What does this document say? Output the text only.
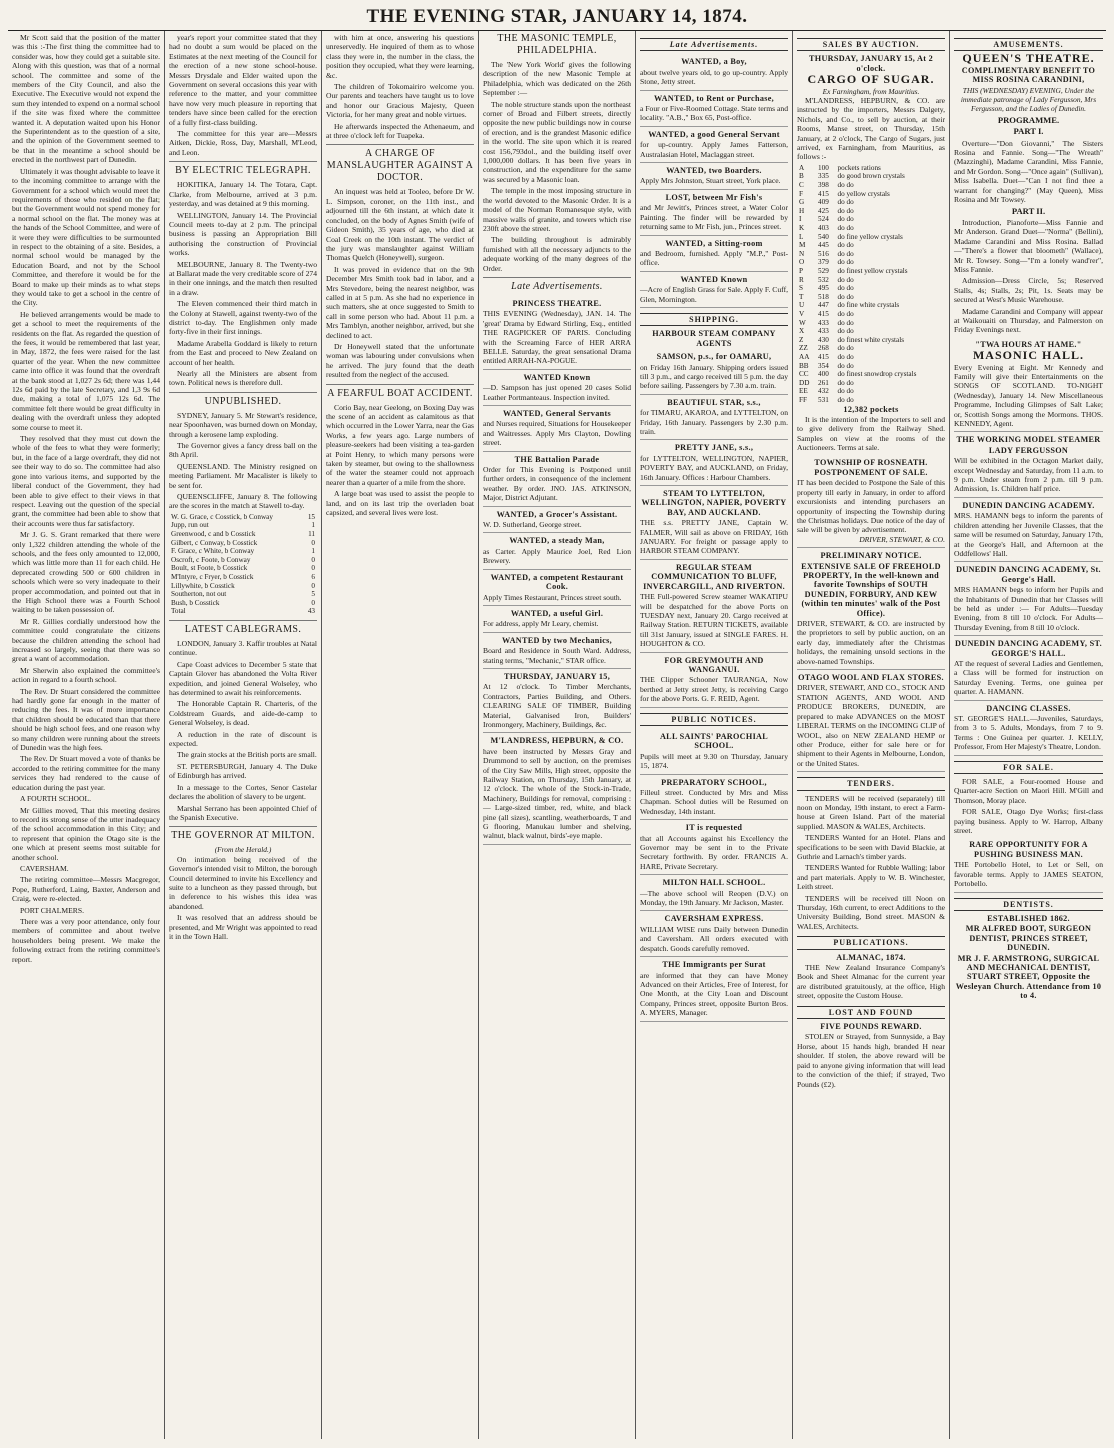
THE EVENING STAR, JANUARY 14, 1874.
Mr Scott said that the position of the matter was this :-The first thing the committee had to consider was, how they could get a suitable site. Along with this question, was that of a normal school. The committee and some of the members of the City Council, and also the Executive. The Executive would not expend the sum they intended to expend on a normal school if the site was fixed where the committee wanted it. A deputation waited upon his Honor the Superintendent as to the question of a site, and the opinion of the Government seemed to be that in the meantime a school should be erected in the northwest part of Dunedin.
Ultimately it was thought advisable to leave it to the incoming committee to arrange with the Government for a school which would meet the requirements of those who resided on the flat; but the Government would not spend money for a normal school on the flat. The money was at the hands of the School Committee, and were of it were they were difficulties to be surmounted in respect to the obtaining of a site. Besides, a normal school would be managed by the Education Board, and not by the School Committee, and therefore it would be for the Board to make up their minds as to what steps they would take to get a school in the centre of the City.
He believed arrangements would be made to get a school to meet the requirements of the residents on the flat. As regarded the question of the fees, it would be remembered that last year, in May, 1872, the fees were raised for the last quarter of the year. When the new committee came into office it was found that the overdraft at the bank stood at 1,027 2s 6d; there was 1,44 12s 6d paid by the late Secretary, and 1,3 9s 6d due, making a total of 1,075 12s 6d. The committee felt there would be great difficulty in dealing with the overdraft unless they adopted some course to meet it.
They resolved that they must cut down the whole of the fees to what they were formerly; but, in the face of a large overdraft, they did not see their way to do so. The committee had also gone into various items, and supported by the liberal conduct of the Government, they had been able to give effect to their views in that respect. Leaving out the question of the special grant, the committee had been able to show that their accounts were thus far satisfactory.
Mr J. G. S. Grant remarked that there were only 1,322 children attending the whole of the schools, and the fees only amounted to 12,000, which was little more than 11 for each child. He deprecated crowding 500 or 600 children in schools which were so very inadequate to their proper accommodation, and pointed out that in the High School there was a Fourth School waiting to be taken possession of.
Mr R. Gillies cordially understood how the committee could congratulate the citizens because the children attending the school had increased so largely, seeing that there was so great a want of accommodation.
Mr Sherwin also explained the committee's action in regard to a fourth school.
The Rev. Dr Stuart considered the committee had hardly gone far enough in the matter of reducing the fees. It was of more importance that children should be educated than that there should be high school fees, and one reason why so many children were running about the streets of Dunedin was the high fees.
The Rev. Dr Stuart moved a vote of thanks be accorded to the retiring committee for the many services they had rendered to the cause of education during the past year.
A FOURTH SCHOOL.
Mr Gillies moved, That this meeting desires to record its strong sense of the utter inadequacy of the school accommodation in this City; and to represent that opinion the Otago site is the one which at present seems most suitable for another school.
CAVERSHAM.
The retiring committee—Messrs Macgregor, Pope, Rutherford, Laing, Baxter, Anderson and Craig, were re-elected.
PORT CHALMERS.
There was a very poor attendance, only four members of committee and about twelve householders being present. We make the following extract from the retiring committee's report.
year's report your committee stated that they had no doubt a sum would be placed on the Estimates at the next meeting of the Council for the erection of a new stone school-house. Messrs Drysdale and Elder waited upon the Government on several occasions this year with reference to the matter, and your committee have now very much pleasure in reporting that tenders have since been called for the erection of a fully first-class building.
The committee for this year are—Messrs Aitken, Dickie, Ross, Day, Marshall, M'Leod, and Leon.
BY ELECTRIC TELEGRAPH.
HOKITIKA, January 14. The Totara, Capt. Clarke, from Melbourne, arrived at 3 p.m. yesterday, and was detained at 9 this morning.
WELLINGTON, January 14. The Provincial Council meets to-day at 2 p.m. The principal business is passing an Appropriation Bill authorising the construction of Provincial works.
MELBOURNE, January 8. The Twenty-two at Ballarat made the very creditable score of 274 in their one innings, and the match then resulted in a draw.
The Eleven commenced their third match in the Colony at Stawell, against twenty-two of the district to-day. The Englishmen only made forty-five in their first innings.
Madame Arabella Goddard is likely to return from the East and proceed to New Zealand on account of her health.
Nearly all the Ministers are absent from town. Political news is therefore dull.
UNPUBLISHED.
SYDNEY, January 5. Mr Stewart's residence, near Spoonhaven, was burned down on Monday, through a kerosene lamp exploding.
The Governor gives a fancy dress ball on the 8th April.
QUEENSLAND. The Ministry resigned on meeting Parliament. Mr Macalister is likely to be sent for.
QUEENSCLIFFE, January 8. The following are the scores in the match at Stawell to-day.
W. G. Grace, c Cosstick, b Conway	15
Jupp, run out	1
Greenwood, c and b Cosstick	11
Gilbert, c Conway, b Cosstick	0
F. Grace, c White, b Conway	1
Oscroft, c Foote, b Conway	0
Boult, st Foote, b Cosstick	0
M'Intyre, c Fryer, b Cosstick	6
Lillywhite, b Cosstick	0
Southerton, not out	5
Bush, b Cosstick	0
Total	43
LATEST CABLEGRAMS.
LONDON, January 3. Kaffir troubles at Natal continue.
Cape Coast advices to December 5 state that Captain Glover has abandoned the Volta River expedition, and joined General Wolseley, who has determined to await his reinforcements.
The Honorable Captain R. Charteris, of the Coldstream Guards, and aide-de-camp to General Wolseley, is dead.
A reduction in the rate of discount is expected.
The grain stocks at the British ports are small.
ST. PETERSBURGH, January 4. The Duke of Edinburgh has arrived.
In a message to the Cortes, Senor Castelar declares the abolition of slavery to be urgent.
Marshal Serrano has been appointed Chief of the Spanish Executive.
THE GOVERNOR AT MILTON.
(From the Herald.)
On intimation being received of the Governor's intended visit to Milton, the borough Council determined to invite his Excellency and suite to a luncheon as they passed through, but in deference to his wishes this idea was abandoned.
It was resolved that an address should be presented, and Mr Wright was appointed to read it in the Town Hall.
with him at once, answering his questions unreservedly. He inquired of them as to whose class they were in, the number in the class, the position they occupied, what they were learning, &c.
The children of Tokomairiro welcome you. Our parents and teachers have taught us to love and honor our Gracious Majesty, Queen Victoria, for her many great and noble virtues.
He afterwards inspected the Athenaeum, and at three o'clock left for Tuapeka.
A CHARGE OF MANSLAUGHTER AGAINST A DOCTOR.
An inquest was held at Tooleo, before Dr W. L. Simpson, coroner, on the 11th inst., and adjourned till the 6th instant, at which date it concluded, on the body of Agnes Smith (wife of Gideon Smith), 35 years of age, who died at Coal Creek on the 10th instant. The verdict of the jury was manslaughter against William Thomas Quelch (Honeywell), surgeon.
It was proved in evidence that on the 9th December Mrs Smith took bad in labor, and a Mrs Stevedore, being the nearest neighbor, was called in at 5 p.m. As she had no experience in such matters, she at once suggested to Smith to call in some person who had. About 11 p.m. a Mrs Tamblyn, another neighbor, arrived, but she declined to act.
Dr Honeywell stated that the unfortunate woman was labouring under convulsions when he arrived. The jury found that the death resulted from the neglect of the accused.
A FEARFUL BOAT ACCIDENT.
Corio Bay, near Geelong, on Boxing Day was the scene of an accident as calamitous as that which occurred in the Lower Yarra, near the Gas Works, a few years ago. Large numbers of pleasure-seekers had been visiting a tea-garden at Point Henry, to which many persons were taken by steamer, but owing to the shallowness of the water the steamer could not approach nearer than a quarter of a mile from the shore.
A large boat was used to assist the people to land, and on its last trip the overladen boat capsized, and several lives were lost.
THE MASONIC TEMPLE, PHILADELPHIA.
The 'New York World' gives the following description of the new Masonic Temple at Philadelphia, which was dedicated on the 26th September :—
The noble structure stands upon the northeast corner of Broad and Filbert streets, directly opposite the new public buildings now in course of erection, and is the grandest Masonic edifice in the world. The site upon which it is reared cost 156,793dol., and the building itself over 1,000,000 dollars. It has been five years in construction, and the expenditure for the same was secured by a Masonic loan.
The temple in the most imposing structure in the world devoted to the Masonic Order. It is a model of the Norman Romanesque style, with massive walls of granite, and towers which rise 230ft above the street.
The building throughout is admirably furnished with all the necessary adjuncts to the adequate working of the many degrees of the Order.
Late Advertisements.
PRINCESS THEATRE.
THIS EVENING (Wednesday), JAN. 14. The 'great' Drama by Edward Stirling, Esq., entitled THE RAGPICKER OF PARIS. Concluding with the Screaming Farce of HER ARRA BELLE. Saturday, the great sensational Drama entitled ARRAH-NA-POGUE.
WANTED Known
—D. Sampson has just opened 20 cases Solid Leather Portmanteaus. Inspection invited.
WANTED, General Servants
and Nurses required, Situations for Housekeeper and Waitresses. Apply Mrs Clayton, Dowling street.
THE Battalion Parade
Order for This Evening is Postponed until further orders, in consequence of the inclement weather. By order. JNO. JAS. ATKINSON, Major, District Adjutant.
WANTED, a Grocer's Assistant.
W. D. Sutherland, George street.
WANTED, a steady Man,
as Carter. Apply Maurice Joel, Red Lion Brewery.
WANTED, a competent Restaurant Cook.
Apply Times Restaurant, Princes street south.
WANTED, a useful Girl.
For address, apply Mr Leary, chemist.
WANTED by two Mechanics,
Board and Residence in South Ward. Address, stating terms, "Mechanic," STAR office.
THURSDAY, JANUARY 15,
At 12 o'clock. To Timber Merchants, Contractors, Parties Building, and Others. CLEARING SALE OF TIMBER, Building Material, Galvanised Iron, Builders' Ironmongery, Machinery, Buildings, &c.
M'LANDRESS, HEPBURN, & CO.
have been instructed by Messrs Gray and Drummond to sell by auction, on the premises of the City Saw Mills, High street, opposite the Railway Station, on Thursday, 15th January, at 12 o'clock. The whole of the Stock-in-Trade, Machinery, Buildings for removal, comprising :— Large-sized timber, red, white, and black pine (all sizes), scantling, weatherboards, T and G flooring, Manukau lumber and shelving, walnut, black walnut, birds'-eye maple.
Late Advertisements.
WANTED, a Boy,
about twelve years old, to go up-country. Apply Stone, Jetty street.
WANTED, to Rent or Purchase,
a Four or Five-Roomed Cottage. State terms and locality. "A.B.," Box 65, Post-office.
WANTED, a good General Servant
for up-country. Apply James Fatterson, Australasian Hotel, Maclaggan street.
WANTED, two Boarders.
Apply Mrs Johnston, Stuart street, York place.
LOST, between Mr Fish's
and Mr Jewitt's, Princes street, a Water Color Painting. The finder will be rewarded by returning same to Mr Fish, jun., Princes street.
WANTED, a Sitting-room
and Bedroom, furnished. Apply "M.P.," Post-office.
WANTED Known
—Acre of English Grass for Sale. Apply F. Cuff, Glen, Mornington.
SHIPPING.
HARBOUR STEAM COMPANY AGENTS
SAMSON, p.s., for OAMARU,
on Friday 16th January. Shipping orders issued till 3 p.m., and cargo received till 5 p.m. the day before sailing. Passengers by 7.30 a.m. train.
BEAUTIFUL STAR, s.s.,
for TIMARU, AKAROA, and LYTTELTON, on Friday, 16th January. Passengers by 2.30 p.m. train.
PRETTY JANE, s.s.,
for LYTTELTON, WELLINGTON, NAPIER, POVERTY BAY, and AUCKLAND, on Friday, 16th January. Offices : Harbour Chambers.
STEAM TO LYTTELTON, WELLINGTON, NAPIER, POVERTY BAY, AND AUCKLAND.
THE s.s. PRETTY JANE, Captain W. FALMER, Will sail as above on FRIDAY, 16th JANUARY. For freight or passage apply to HARBOR STEAM COMPANY.
REGULAR STEAM COMMUNICATION TO BLUFF, INVERCARGILL, AND RIVERTON.
THE Full-powered Screw steamer WAKATIPU will be despatched for the above Ports on TUESDAY next, January 20. Cargo received at Railway Station. RETURN TICKETS, available till 31st January, issued at SINGLE FARES. H. HOUGHTON & CO.
FOR GREYMOUTH AND WANGANUI.
THE Clipper Schooner TAURANGA, Now berthed at Jetty street Jetty, is receiving Cargo for the above Ports. G. F. REID, Agent.
PUBLIC NOTICES.
ALL SAINTS' PAROCHIAL SCHOOL.
Pupils will meet at 9.30 on Thursday, January 15, 1874.
PREPARATORY SCHOOL,
Filleul street. Conducted by Mrs and Miss Chapman. School duties will be Resumed on Wednesday, 14th instant.
IT is requested
that all Accounts against his Excellency the Governor may be sent in to the Private Secretary forthwith. By order. FRANCIS A. HARE, Private Secretary.
MILTON HALL SCHOOL.
—The above school will Reopen (D.V.) on Monday, the 19th January. Mr Jackson, Master.
CAVERSHAM EXPRESS.
WILLIAM WISE runs Daily between Dunedin and Caversham. All orders executed with despatch. Goods carefully removed.
THE Immigrants per Surat
are informed that they can have Money Advanced on their Articles, Free of Interest, for One Month, at the City Loan and Discount Company, Princes street, opposite Burton Bros. A. MYERS, Manager.
SALES BY AUCTION.
THURSDAY, JANUARY 15, At 2 o'clock.
CARGO OF SUGAR.
Ex Farningham, from Mauritius.
M'LANDRESS, HEPBURN, & CO. are instructed by the importers, Messrs Dalgety, Nichols, and Co., to sell by auction, at their Rooms, Manse street, on Thursday, 15th January, at 2 o'clock, The Cargo of Sugars, just arrived, ex Farningham, from Mauritius, as follows :-
A	100	pockets rations
B	335	do good brown crystals
C	398	do do
F	415	do yellow crystals
G	409	do do
H	425	do do
I	524	do do
K	403	do do
L	540	do fine yellow crystals
M	445	do do
N	516	do do
O	379	do do
P	529	do finest yellow crystals
R	532	do do
S	495	do do
T	518	do do
U	447	do fine white crystals
V	415	do do
W	433	do do
X	433	do do
Z	430	do finest white crystals
ZZ	268	do do
AA	415	do do
BB	354	do do
CC	400	do finest snowdrop crystals
DD	261	do do
EE	432	do do
FF	531	do do
12,382 pockets
It is the intention of the Importers to sell and to give delivery from the Railway Shed. Samples on view at the rooms of the Auctioneers. Terms at sale.
TOWNSHIP OF ROSNEATH.
POSTPONEMENT OF SALE.
IT has been decided to Postpone the Sale of this property till early in January, in order to afford excursionists and intending purchasers an opportunity of inspecting the Township during the Christmas holidays. Due notice of the day of sale will be given by advertisement.
DRIVER, STEWART, & CO.
PRELIMINARY NOTICE.
EXTENSIVE SALE OF FREEHOLD PROPERTY, In the well-known and favorite Townships of SOUTH DUNEDIN, FORBURY, AND KEW (within ten minutes' walk of the Post Office).
DRIVER, STEWART, & CO. are instructed by the proprietors to sell by public auction, on an early day, immediately after the Christmas holidays, the remaining unsold sections in the above-named Townships.
OTAGO WOOL AND FLAX STORES.
DRIVER, STEWART, AND CO., STOCK AND STATION AGENTS, AND WOOL AND PRODUCE BROKERS, DUNEDIN, are prepared to make ADVANCES on the MOST LIBERAL TERMS on the INCOMING CLIP of WOOL, also on NEW ZEALAND HEMP or other Produce, either for sale here or for shipment to their Agents in Melbourne, London, or the United States.
TENDERS.
TENDERS will be received (separately) till noon on Monday, 19th instant, to erect a Farm-house at Green Island. Part of the material supplied. MASON & WALES, Architects.
TENDERS Wanted for an Hotel. Plans and specifications to be seen with David Blackie, at Guthrie and Larnach's timber yards.
TENDERS Wanted for Rubble Walling; labor and part materials. Apply to W. B. Winchester, Leith street.
TENDERS will be received till Noon on Thursday, 16th current, to erect Additions to the University Building, Bond street. MASON & WALES, Architects.
PUBLICATIONS.
ALMANAC, 1874.
THE New Zealand Insurance Company's Book and Sheet Almanac for the current year are distributed gratuitously, at the office, High street, opposite the Custom House.
LOST AND FOUND
FIVE POUNDS REWARD.
STOLEN or Strayed, from Sunnyside, a Bay Horse, about 15 hands high, branded H near shoulder. If stolen, the above reward will be paid to anyone giving information that will lead to the conviction of the thief; if strayed, Two Pounds (£2).
AMUSEMENTS.
QUEEN'S THEATRE.
COMPLIMENTARY BENEFIT TO MISS ROSINA CARANDINI,
THIS (WEDNESDAY) EVENING, Under the immediate patronage of Lady Fergusson, Mrs Fergusson, and the Ladies of Dunedin.
PROGRAMME.
PART I.
Overture—"Don Giovanni," The Sisters Rosina and Fannie. Song—"The Wreath" (Mazzinghi), Madame Carandini, Miss Fannie, and Mr Gordon. Song—"Once again" (Sullivan), Miss Isabella. Duet—"Can I not find thee a warrant for changing?" (May Queen), Miss Rosina and Mr Towsey.
PART II.
Introduction, Pianoforte—Miss Fannie and Mr Anderson. Grand Duet—"Norma" (Bellini), Madame Carandini and Miss Rosina. Ballad—"There's a flower that bloometh" (Wallace), Mr R. Towsey. Song—"I'm a lonely wand'rer", Miss Fannie.
Admission—Dress Circle, 5s; Reserved Stalls, 4s; Stalls, 2s; Pit, 1s. Seats may be secured at West's Music Warehouse.
Madame Carandini and Company will appear at Waikouaiti on Thursday, and Palmerston on Friday Evenings next.
"TWA HOURS AT HAME."
MASONIC HALL.
Every Evening at Eight. Mr Kennedy and Family will give their Entertainments on the SONGS OF SCOTLAND. TO-NIGHT (Wednesday), January 14. New Miscellaneous Programme, Including Glimpses of Salt Lake; or, Scottish Songs among the Mormons. THOS. KENNEDY, Agent.
THE WORKING MODEL STEAMER
LADY FERGUSSON
Will be exhibited in the Octagon Market daily, except Wednesday and Saturday, from 11 a.m. to 9 p.m. Under steam from 2 p.m. till 9 p.m. Admission, 1s. Children half price.
DUNEDIN DANCING ACADEMY.
MRS. HAMANN begs to inform the parents of children attending her Juvenile Classes, that the same will be resumed on Saturday, January 17th, at the George's Hall, and Afternoon at the Oddfellows' Hall.
DUNEDIN DANCING ACADEMY, St. George's Hall.
MRS HAMANN begs to inform her Pupils and the Inhabitants of Dunedin that her Classes will be held as under :— For Adults—Tuesday Evening, from 8 till 10 o'clock. For Adults—Thursday Evening, from 8 till 10 o'clock.
DUNEDIN DANCING ACADEMY, ST. GEORGE'S HALL.
AT the request of several Ladies and Gentlemen, a Class will be formed for instruction on Saturday Evening. Terms, one guinea per quarter. A. HAMANN.
DANCING CLASSES.
ST. GEORGE'S HALL.—Juveniles, Saturdays, from 3 to 5. Adults, Mondays, from 7 to 9. Terms : One Guinea per quarter. J. KELLY, Professor, From Her Majesty's Theatre, London.
FOR SALE.
FOR SALE, a Four-roomed House and Quarter-acre Section on Maori Hill. M'Gill and Thomson, Moray place.
FOR SALE, Otago Dye Works; first-class paying business. Apply to W. Harrop, Albany street.
RARE OPPORTUNITY FOR A PUSHING BUSINESS MAN.
THE Portobello Hotel, to Let or Sell, on favorable terms. Apply to JAMES SEATON, Portobello.
DENTISTS.
ESTABLISHED 1862.
MR ALFRED BOOT, SURGEON DENTIST, PRINCES STREET, DUNEDIN.
MR J. F. ARMSTRONG, SURGICAL AND MECHANICAL DENTIST, STUART STREET, Opposite the Wesleyan Church. Attendance from 10 to 4.
